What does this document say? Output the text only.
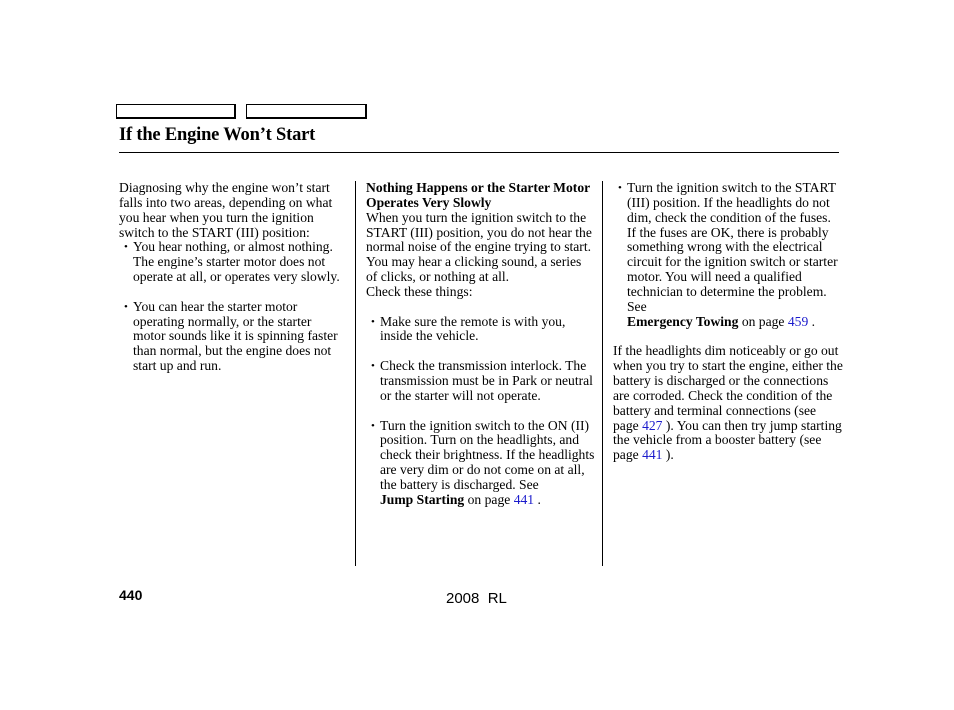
If the Engine Won’t Start

Diagnosing why the engine won’t start falls into two areas, depending on what you hear when you turn the ignition switch to the START (III) position:

• You hear nothing, or almost nothing. The engine’s starter motor does not operate at all, or operates very slowly.

• You can hear the starter motor operating normally, or the starter motor sounds like it is spinning faster than normal, but the engine does not start up and run.

Nothing Happens or the Starter Motor Operates Very Slowly

When you turn the ignition switch to the START (III) position, you do not hear the normal noise of the engine trying to start. You may hear a clicking sound, a series of clicks, or nothing at all.

Check these things:

• Make sure the remote is with you, inside the vehicle.

• Check the transmission interlock. The transmission must be in Park or neutral or the starter will not operate.

• Turn the ignition switch to the ON (II) position. Turn on the headlights, and check their brightness. If the headlights are very dim or do not come on at all, the battery is discharged. See
Jump Starting on page 441 .

• Turn the ignition switch to the START (III) position. If the headlights do not dim, check the condition of the fuses. If the fuses are OK, there is probably something wrong with the electrical circuit for the ignition switch or starter motor. You will need a qualified technician to determine the problem. See
Emergency Towing on page 459 .

If the headlights dim noticeably or go out when you try to start the engine, either the battery is discharged or the connections are corroded. Check the condition of the battery and terminal connections (see page 427 ). You can then try jump starting the vehicle from a booster battery (see page 441 ).

440	2008  RL
